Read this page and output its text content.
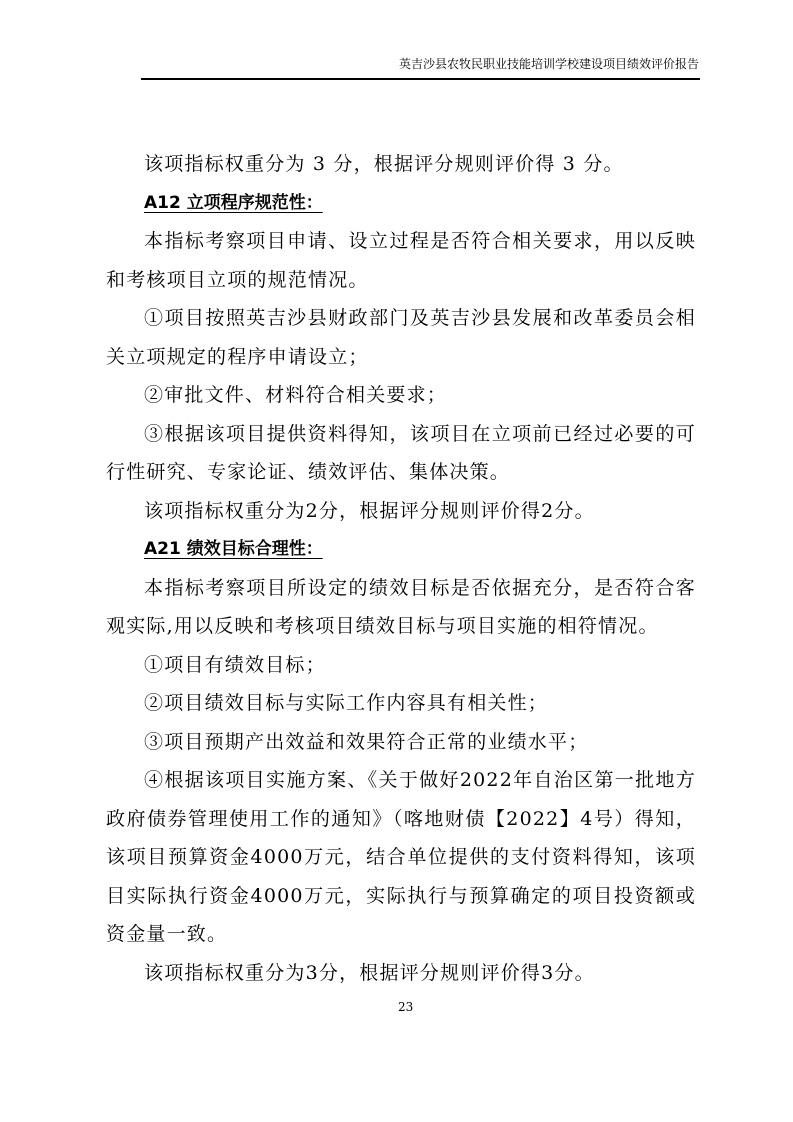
英吉沙县农牧民职业技能培训学校建设项目绩效评价报告

该项指标权重分为 3 分，根据评分规则评价得 3 分。

A12 立项程序规范性：

本指标考察项目申请、设立过程是否符合相关要求，用以反映和考核项目立项的规范情况。

①项目按照英吉沙县财政部门及英吉沙县发展和改革委员会相关立项规定的程序申请设立；

②审批文件、材料符合相关要求；

③根据该项目提供资料得知，该项目在立项前已经过必要的可行性研究、专家论证、绩效评估、集体决策。

该项指标权重分为2分，根据评分规则评价得2分。

A21 绩效目标合理性：

本指标考察项目所设定的绩效目标是否依据充分，是否符合客观实际,用以反映和考核项目绩效目标与项目实施的相符情况。

①项目有绩效目标；

②项目绩效目标与实际工作内容具有相关性；

③项目预期产出效益和效果符合正常的业绩水平；

④根据该项目实施方案、《关于做好2022年自治区第一批地方政府债券管理使用工作的通知》（喀地财债【2022】4号）得知，该项目预算资金4000万元，结合单位提供的支付资料得知，该项目实际执行资金4000万元，实际执行与预算确定的项目投资额或资金量一致。

该项指标权重分为3分，根据评分规则评价得3分。

23
